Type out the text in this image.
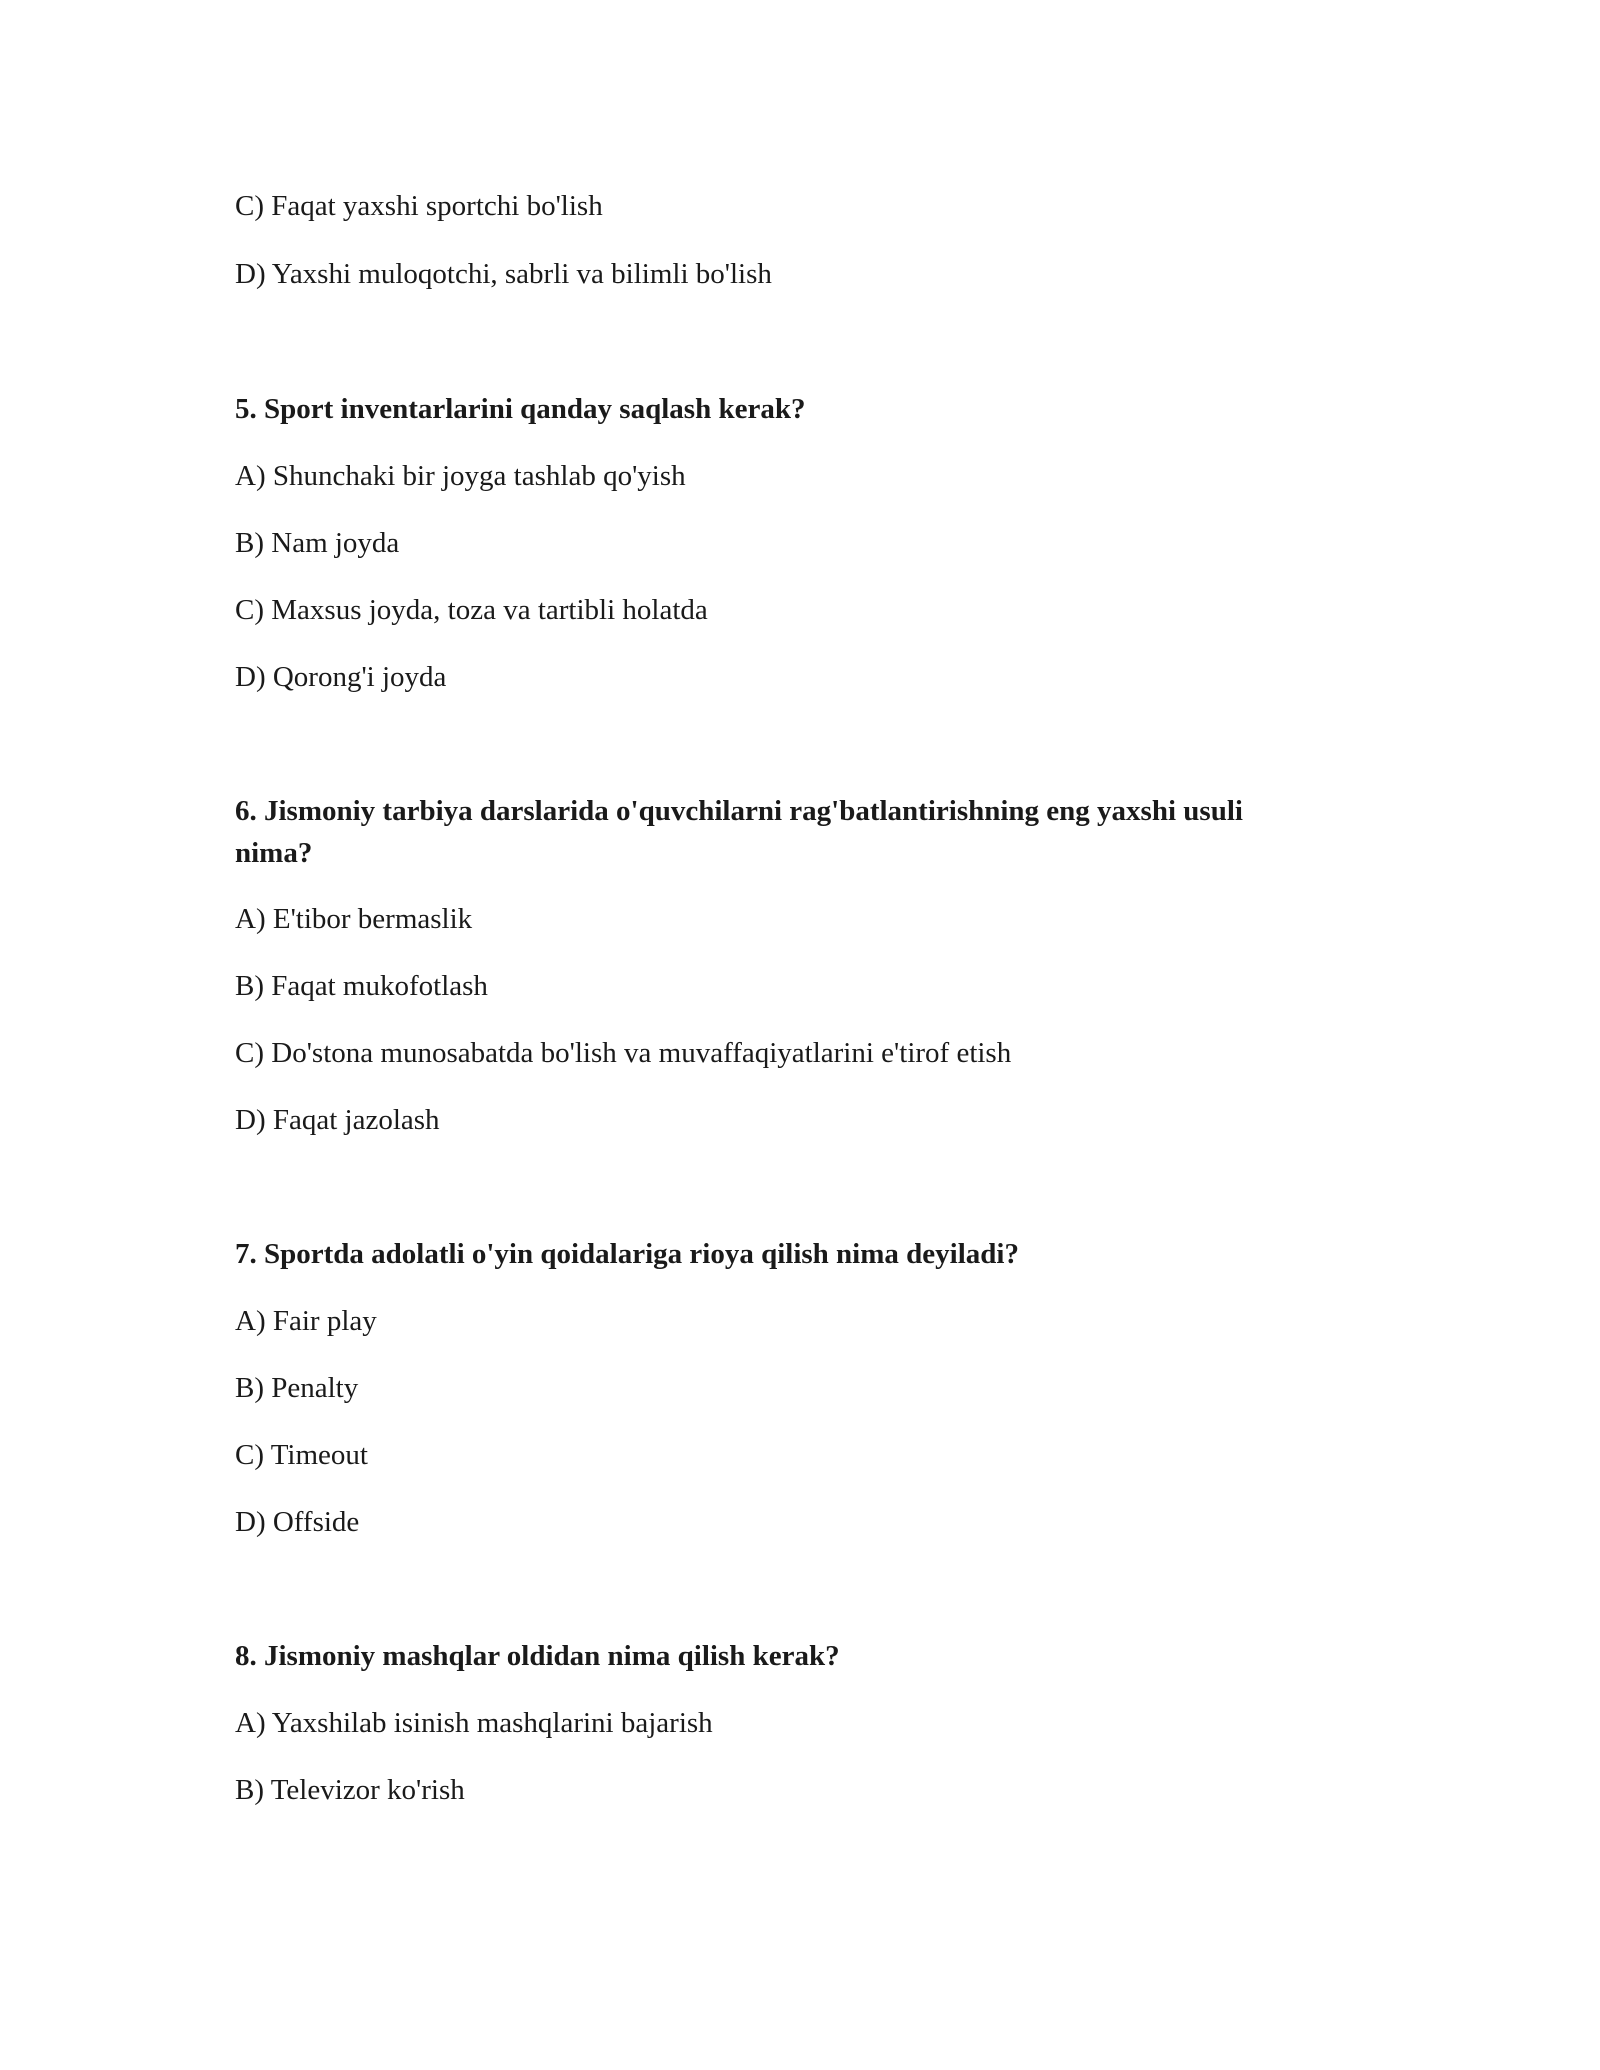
C) Faqat yaxshi sportchi bo'lish
D) Yaxshi muloqotchi, sabrli va bilimli bo'lish
5. Sport inventarlarini qanday saqlash kerak?
A) Shunchaki bir joyga tashlab qo'yish
B) Nam joyda
C) Maxsus joyda, toza va tartibli holatda
D) Qorong'i joyda
6. Jismoniy tarbiya darslarida o'quvchilarni rag'batlantirishning eng yaxshi usuli
nima?
A) E'tibor bermaslik
B) Faqat mukofotlash
C) Do'stona munosabatda bo'lish va muvaffaqiyatlarini e'tirof etish
D) Faqat jazolash
7. Sportda adolatli o'yin qoidalariga rioya qilish nima deyiladi?
A) Fair play
B) Penalty
C) Timeout
D) Offside
8. Jismoniy mashqlar oldidan nima qilish kerak?
A) Yaxshilab isinish mashqlarini bajarish
B) Televizor ko'rish
